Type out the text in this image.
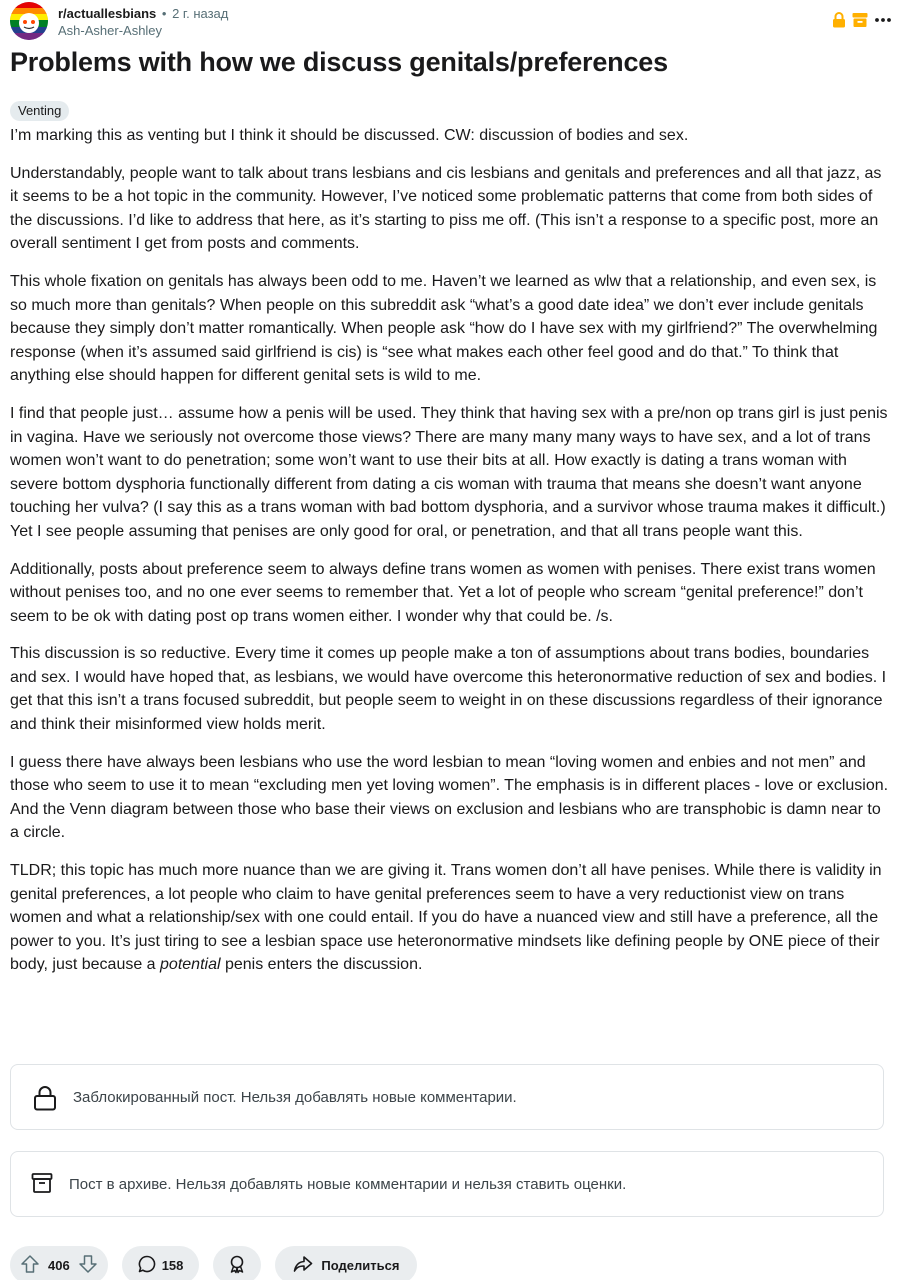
r/actuallesbians • 2 г. назад
Ash-Asher-Ashley
Problems with how we discuss genitals/preferences
Venting

I’m marking this as venting but I think it should be discussed. CW: discussion of bodies and sex.

Understandably, people want to talk about trans lesbians and cis lesbians and genitals and preferences and all that jazz, as it seems to be a hot topic in the community. However, I’ve noticed some problematic patterns that come from both sides of the discussions. I’d like to address that here, as it’s starting to piss me off. (This isn’t a response to a specific post, more an overall sentiment I get from posts and comments.

This whole fixation on genitals has always been odd to me. Haven’t we learned as wlw that a relationship, and even sex, is so much more than genitals? When people on this subreddit ask “what’s a good date idea” we don’t ever include genitals because they simply don’t matter romantically. When people ask “how do I have sex with my girlfriend?” The overwhelming response (when it’s assumed said girlfriend is cis) is “see what makes each other feel good and do that.” To think that anything else should happen for different genital sets is wild to me.

I find that people just… assume how a penis will be used. They think that having sex with a pre/non op trans girl is just penis in vagina. Have we seriously not overcome those views? There are many many many ways to have sex, and a lot of trans women won’t want to do penetration; some won’t want to use their bits at all. How exactly is dating a trans woman with severe bottom dysphoria functionally different from dating a cis woman with trauma that means she doesn’t want anyone touching her vulva? (I say this as a trans woman with bad bottom dysphoria, and a survivor whose trauma makes it difficult.) Yet I see people assuming that penises are only good for oral, or penetration, and that all trans people want this.

Additionally, posts about preference seem to always define trans women as women with penises. There exist trans women without penises too, and no one ever seems to remember that. Yet a lot of people who scream “genital preference!” don’t seem to be ok with dating post op trans women either. I wonder why that could be. /s.

This discussion is so reductive. Every time it comes up people make a ton of assumptions about trans bodies, boundaries and sex. I would have hoped that, as lesbians, we would have overcome this heteronormative reduction of sex and bodies. I get that this isn’t a trans focused subreddit, but people seem to weight in on these discussions regardless of their ignorance and think their misinformed view holds merit.

I guess there have always been lesbians who use the word lesbian to mean “loving women and enbies and not men” and those who seem to use it to mean “excluding men yet loving women”. The emphasis is in different places - love or exclusion. And the Venn diagram between those who base their views on exclusion and lesbians who are transphobic is damn near to a circle.

TLDR; this topic has much more nuance than we are giving it. Trans women don’t all have penises. While there is validity in genital preferences, a lot people who claim to have genital preferences seem to have a very reductionist view on trans women and what a relationship/sex with one could entail. If you do have a nuanced view and still have a preference, all the power to you. It’s just tiring to see a lesbian space use heteronormative mindsets like defining people by ONE piece of their body, just because a potential penis enters the discussion.

Заблокированный пост. Нельзя добавлять новые комментарии.
Пост в архиве. Нельзя добавлять новые комментарии и нельзя ставить оценки.
406	158	Поделиться
